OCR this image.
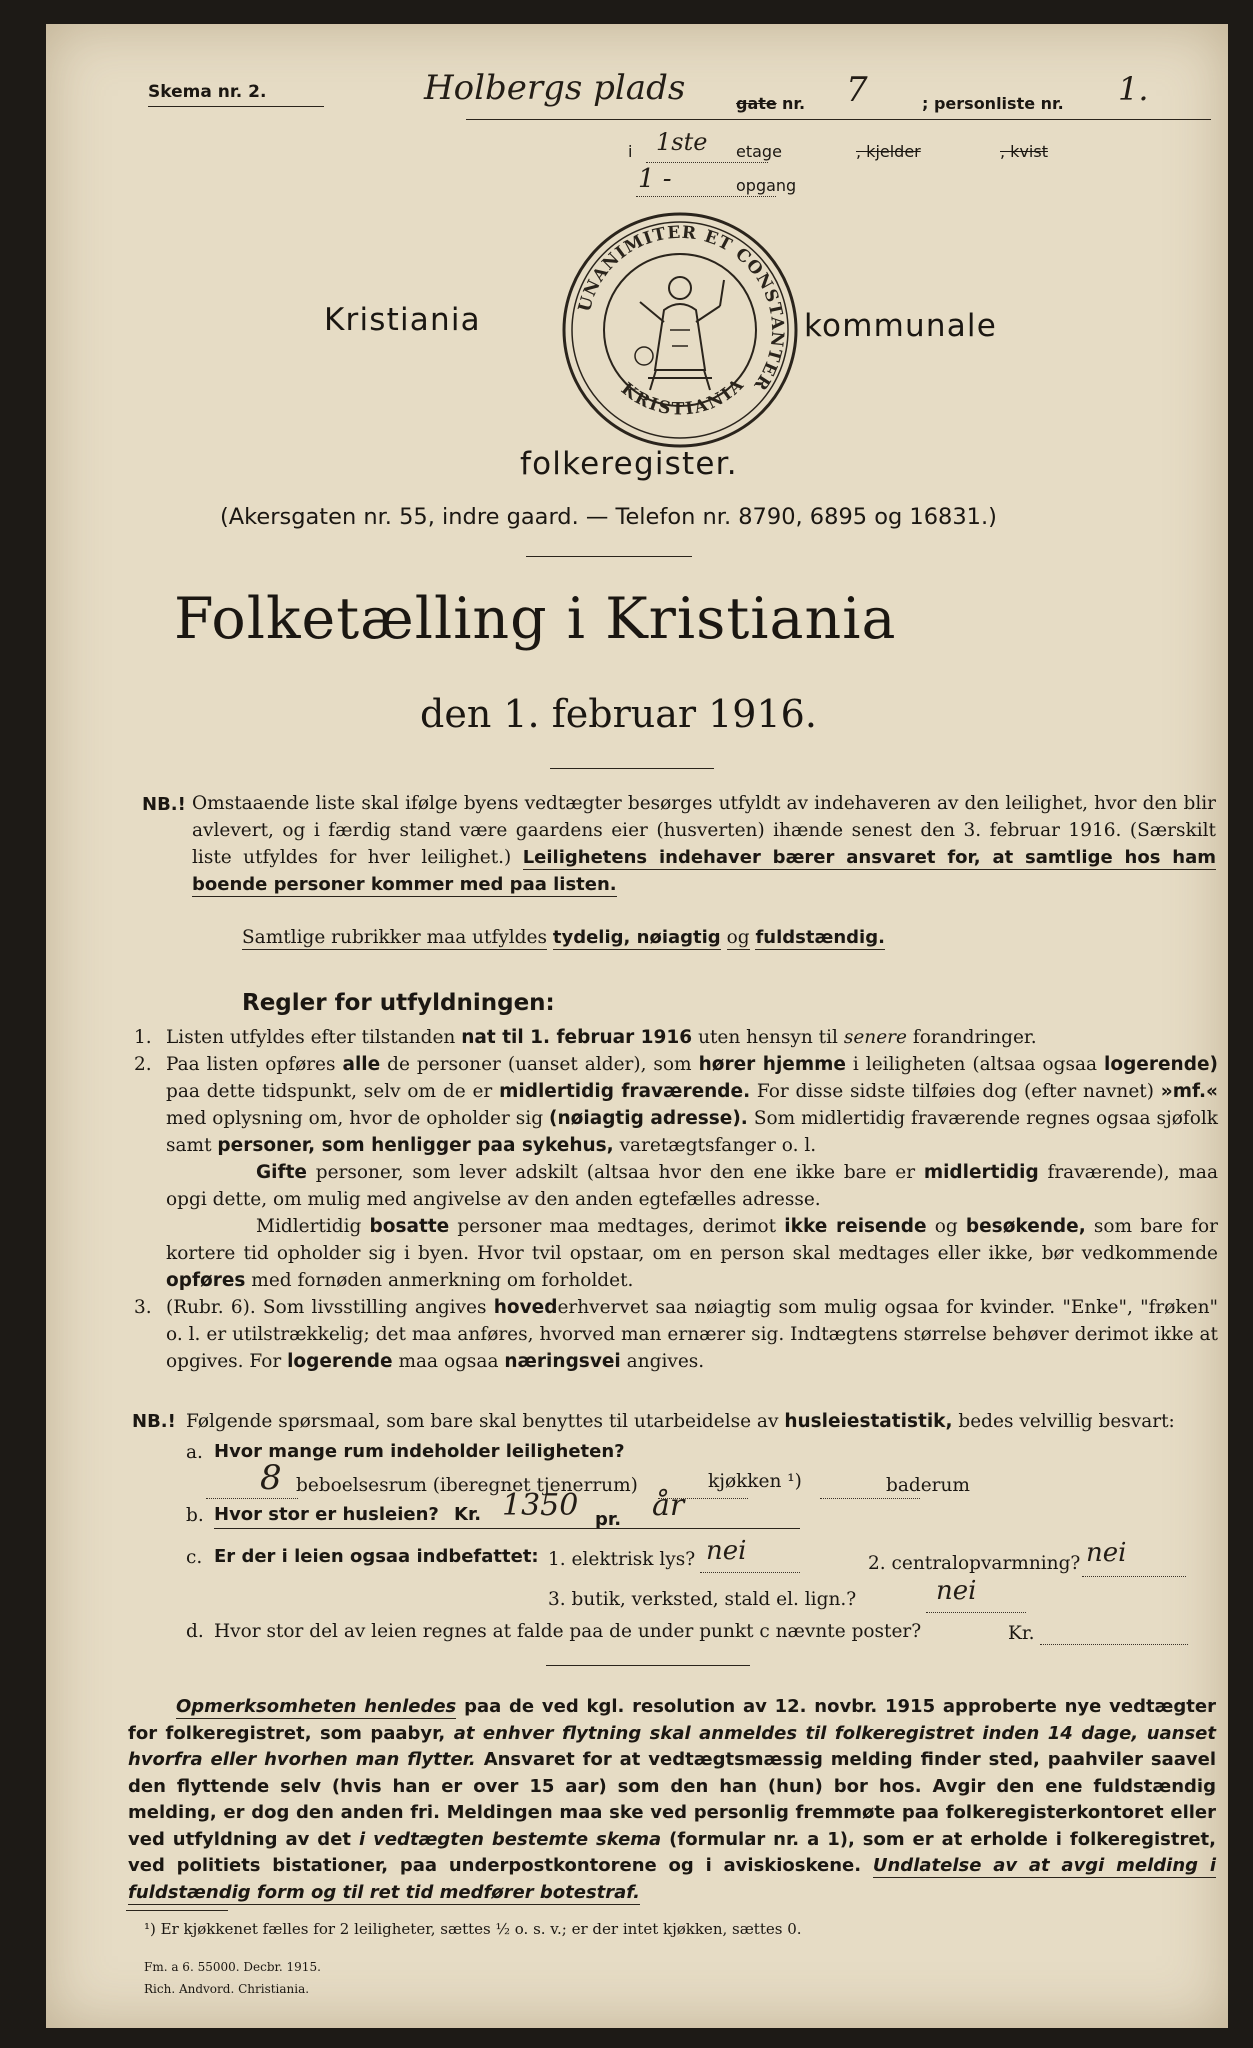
Skema nr. 2.	Holbergs plads	gate nr. 7	; personliste nr. 1.
i 1ste etage	, kjelder	, kvist
1 -	opgang
UNANIMITER ET CONSTANTER
KRISTIANIA
Kristiania	kommunale
folkeregister.
(Akersgaten nr. 55, indre gaard. — Telefon nr. 8790, 6895 og 16831.)
Folketælling i Kristiania
den 1. februar 1916.
NB.! Omstaaende liste skal ifølge byens vedtægter besørges utfyldt av indehaveren av den leilighet, hvor den blir avlevert, og i færdig stand være gaardens eier (husverten) ihænde senest den 3. februar 1916. (Særskilt liste utfyldes for hver leilighet.) Leilighetens indehaver bærer ansvaret for, at samtlige hos ham boende personer kommer med paa listen.
Samtlige rubrikker maa utfyldes tydelig, nøiagtig og fuldstændig.
Regler for utfyldningen:
1. Listen utfyldes efter tilstanden nat til 1. februar 1916 uten hensyn til senere forandringer.
2. Paa listen opføres alle de personer (uanset alder), som hører hjemme i leiligheten (altsaa ogsaa logerende) paa dette tidspunkt, selv om de er midlertidig fraværende. For disse sidste tilføies dog (efter navnet) »mf.« med oplysning om, hvor de opholder sig (nøiagtig adresse). Som midlertidig fraværende regnes ogsaa sjøfolk samt personer, som henligger paa sykehus, varetægtsfanger o. l.
Gifte personer, som lever adskilt (altsaa hvor den ene ikke bare er midlertidig fraværende), maa opgi dette, om mulig med angivelse av den anden egtefælles adresse.
Midlertidig bosatte personer maa medtages, derimot ikke reisende og besøkende, som bare for kortere tid opholder sig i byen. Hvor tvil opstaar, om en person skal medtages eller ikke, bør vedkommende opføres med fornøden anmerkning om forholdet.
3. (Rubr. 6). Som livsstilling angives hovederhvervet saa nøiagtig som mulig ogsaa for kvinder. "Enke", "frøken" o. l. er utilstrækkelig; det maa anføres, hvorved man ernærer sig. Indtægtens størrelse behøver derimot ikke at opgives. For logerende maa ogsaa næringsvei angives.
NB.! Følgende spørsmaal, som bare skal benyttes til utarbeidelse av husleiestatistik, bedes velvillig besvart:
a. Hvor mange rum indeholder leiligheten?
8 beboelsesrum (iberegnet tjenerrum)	kjøkken ¹)	baderum
b. Hvor stor er husleien? Kr. 1350 pr. år
c. Er der i leien ogsaa indbefattet: 1. elektrisk lys? nei	2. centralopvarmning? nei
3. butik, verksted, stald el. lign.?	nei
d. Hvor stor del av leien regnes at falde paa de under punkt c nævnte poster?	Kr.
Opmerksomheten henledes paa de ved kgl. resolution av 12. novbr. 1915 approberte nye vedtægter for folkeregistret, som paabyr, at enhver flytning skal anmeldes til folkeregistret inden 14 dage, uanset hvorfra eller hvorhen man flytter. Ansvaret for at vedtægtsmæssig melding finder sted, paahviler saavel den flyttende selv (hvis han er over 15 aar) som den han (hun) bor hos. Avgir den ene fuldstændig melding, er dog den anden fri. Meldingen maa ske ved personlig fremmøte paa folkeregisterkontoret eller ved utfyldning av det i vedtægten bestemte skema (formular nr. a 1), som er at erholde i folkeregistret, ved politiets bistationer, paa underpostkontorene og i aviskioskene. Undlatelse av at avgi melding i fuldstændig form og til ret tid medfører botestraf.
¹) Er kjøkkenet fælles for 2 leiligheter, sættes ½ o. s. v.; er der intet kjøkken, sættes 0.
Fm. a 6. 55000. Decbr. 1915.
Rich. Andvord. Christiania.
